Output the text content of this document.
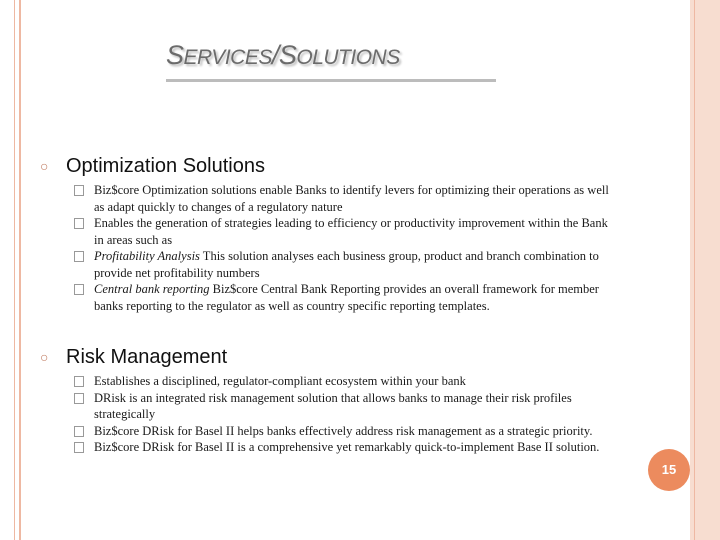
SERVICES/SOLUTIONS
○ Optimization Solutions
Biz$core Optimization solutions enable Banks to identify levers for optimizing their operations as well as adapt quickly to changes of a regulatory nature
Enables the generation of strategies leading to efficiency or productivity improvement within the Bank in areas such as
Profitability Analysis This solution analyses each business group, product and branch combination to provide net profitability numbers
Central bank reporting Biz$core Central Bank Reporting provides an overall framework for member banks reporting to the regulator as well as country specific reporting templates.
○ Risk Management
Establishes a disciplined, regulator-compliant ecosystem within your bank
DRisk is an integrated risk management solution that allows banks to manage their risk profiles strategically
Biz$core DRisk for Basel II helps banks effectively address risk management as a strategic priority.
Biz$core DRisk for Basel II is a comprehensive yet remarkably quick-to-implement Base II solution.
15
